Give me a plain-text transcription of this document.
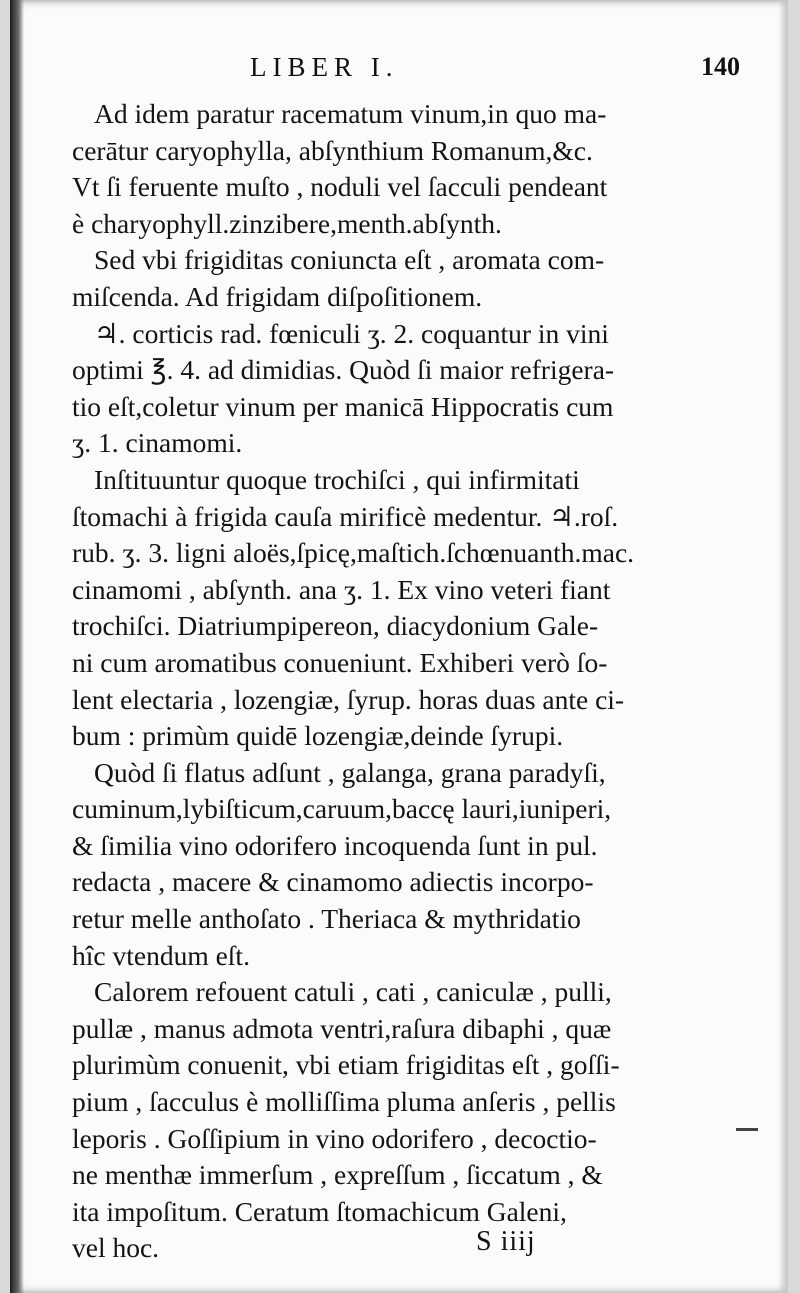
LIBER I.	140
Ad idem paratur racematum vinum,in quo ma-
cerātur caryophylla, abſynthium Romanum,&c.
Vt ſi feruente muſto , noduli vel ſacculi pendeant
è charyophyll.zinzibere,menth.abſynth.
Sed vbi frigiditas coniuncta eſt , aromata com-
miſcenda. Ad frigidam diſpoſitionem.
♃. corticis rad. fœniculi ʒ. 2. coquantur in vini
optimi ℥. 4. ad dimidias. Quòd ſi maior refrigera-
tio eſt,coletur vinum per manicā Hippocratis cum
ʒ. 1. cinamomi.
Inſtituuntur quoque trochiſci , qui infirmitati
ſtomachi à frigida cauſa mirificè medentur. ♃.roſ.
rub. ʒ. 3. ligni aloës,ſpicę,maſtich.ſchœnuanth.mac.
cinamomi , abſynth. ana ʒ. 1. Ex vino veteri fiant
trochiſci. Diatriumpipereon, diacydonium Gale-
ni cum aromatibus conueniunt. Exhiberi verò ſo-
lent electaria , lozengiæ, ſyrup. horas duas ante ci-
bum : primùm quidē lozengiæ,deinde ſyrupi.
Quòd ſi flatus adſunt , galanga, grana paradyſi,
cuminum,lybiſticum,caruum,baccę lauri,iuniperi,
& ſimilia vino odorifero incoquenda ſunt in pul.
redacta , macere & cinamomo adiectis incorpo-
retur melle anthoſato . Theriaca & mythridatio
hîc vtendum eſt.
Calorem refouent catuli , cati , caniculæ , pulli,
pullæ , manus admota ventri,raſura dibaphi , quæ
plurimùm conuenit, vbi etiam frigiditas eſt , goſſi-
pium , ſacculus è molliſſima pluma anſeris , pellis
leporis . Goſſipium in vino odorifero , decoctio-
ne menthæ immerſum , expreſſum , ſiccatum , &
ita impoſitum. Ceratum ſtomachicum Galeni,
vel hoc.	S iiij
